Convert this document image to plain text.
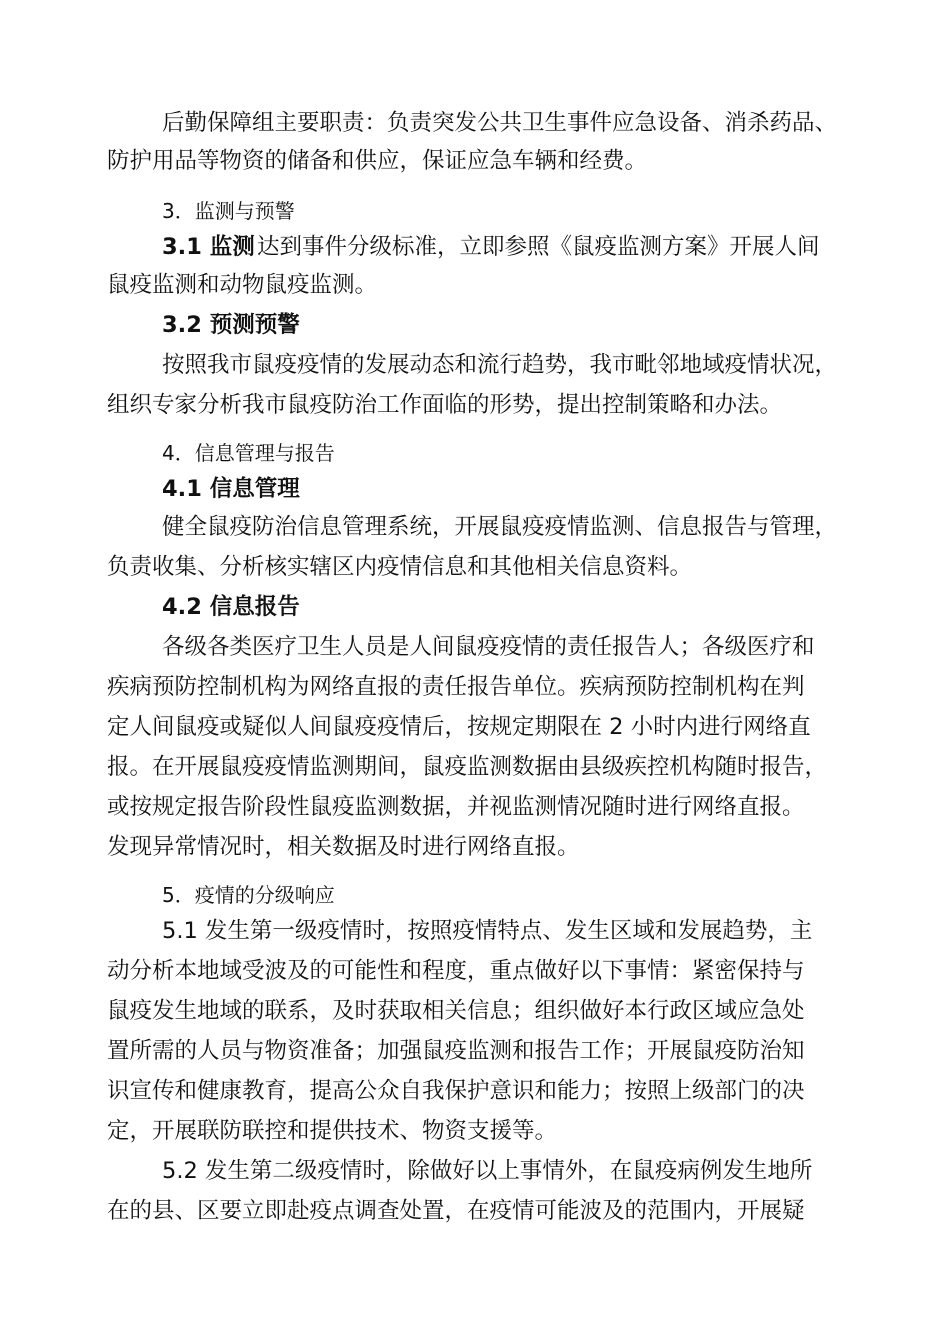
后勤保障组主要职责：负责突发公共卫生事件应急设备、消杀药品、
防护用品等物资的储备和供应，保证应急车辆和经费。
3．监测与预警
3.1 监测 达到事件分级标准，立即参照《鼠疫监测方案》开展人间
鼠疫监测和动物鼠疫监测。
3.2 预测预警
按照我市鼠疫疫情的发展动态和流行趋势，我市毗邻地域疫情状况，
组织专家分析我市鼠疫防治工作面临的形势，提出控制策略和办法。
4．信息管理与报告
4.1 信息管理
健全鼠疫防治信息管理系统，开展鼠疫疫情监测、信息报告与管理，
负责收集、分析核实辖区内疫情信息和其他相关信息资料。
4.2 信息报告
各级各类医疗卫生人员是人间鼠疫疫情的责任报告人；各级医疗和
疾病预防控制机构为网络直报的责任报告单位。疾病预防控制机构在判
定人间鼠疫或疑似人间鼠疫疫情后，按规定期限在 2 小时内进行网络直
报。在开展鼠疫疫情监测期间，鼠疫监测数据由县级疾控机构随时报告，
或按规定报告阶段性鼠疫监测数据，并视监测情况随时进行网络直报。
发现异常情况时，相关数据及时进行网络直报。
5．疫情的分级响应
5.1 发生第一级疫情时，按照疫情特点、发生区域和发展趋势，主
动分析本地域受波及的可能性和程度，重点做好以下事情：紧密保持与
鼠疫发生地域的联系，及时获取相关信息；组织做好本行政区域应急处
置所需的人员与物资准备；加强鼠疫监测和报告工作；开展鼠疫防治知
识宣传和健康教育，提高公众自我保护意识和能力；按照上级部门的决
定，开展联防联控和提供技术、物资支援等。
5.2 发生第二级疫情时，除做好以上事情外，在鼠疫病例发生地所
在的县、区要立即赴疫点调查处置，在疫情可能波及的范围内，开展疑
